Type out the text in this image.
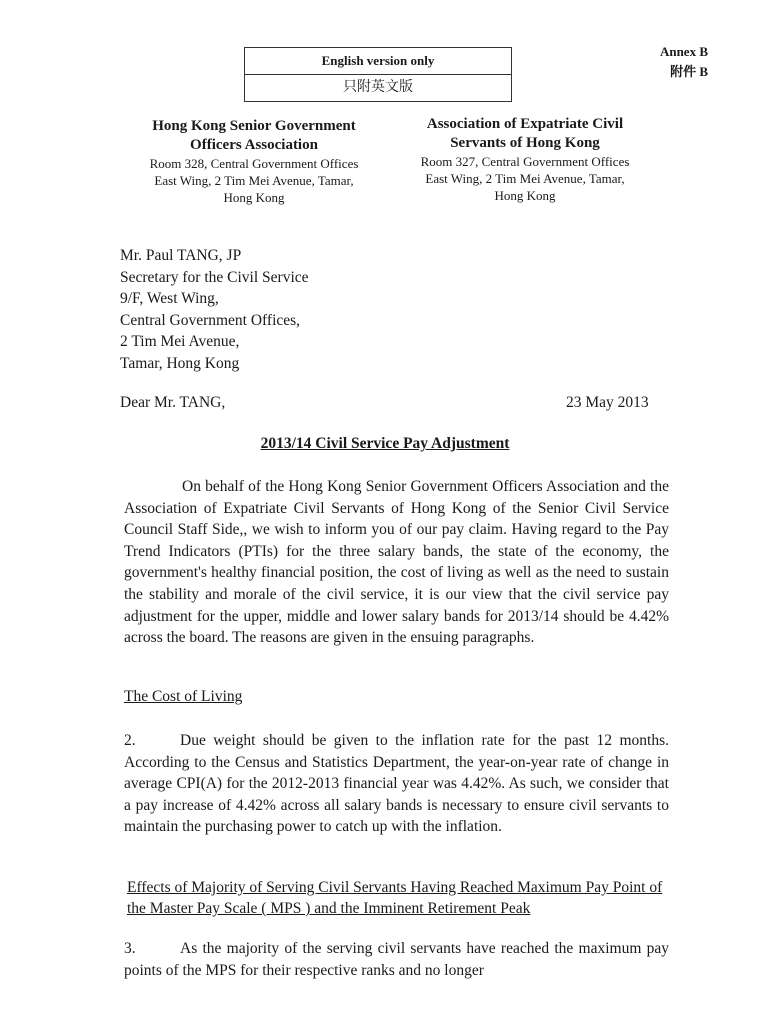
English version only
只附英文版
Annex B
附件 B
Hong Kong Senior Government
Officers Association
Room 328, Central Government Offices
East Wing, 2 Tim Mei Avenue, Tamar,
Hong Kong
Association of Expatriate Civil
Servants of Hong Kong
Room 327, Central Government Offices
East Wing, 2 Tim Mei Avenue, Tamar,
Hong Kong
Mr. Paul TANG, JP
Secretary for the Civil Service
9/F, West Wing,
Central Government Offices,
2 Tim Mei Avenue,
Tamar, Hong Kong
Dear Mr. TANG,	23 May 2013
2013/14 Civil Service Pay Adjustment
On behalf of the Hong Kong Senior Government Officers Association and the Association of Expatriate Civil Servants of Hong Kong of the Senior Civil Service Council Staff Side,, we wish to inform you of our pay claim. Having regard to the Pay Trend Indicators (PTIs) for the three salary bands, the state of the economy, the government's healthy financial position, the cost of living as well as the need to sustain the stability and morale of the civil service, it is our view that the civil service pay adjustment for the upper, middle and lower salary bands for 2013/14 should be 4.42% across the board. The reasons are given in the ensuing paragraphs.
The Cost of Living
2.	Due weight should be given to the inflation rate for the past 12 months. According to the Census and Statistics Department, the year-on-year rate of change in average CPI(A) for the 2012-2013 financial year was 4.42%. As such, we consider that a pay increase of 4.42% across all salary bands is necessary to ensure civil servants to maintain the purchasing power to catch up with the inflation.
Effects of Majority of Serving Civil Servants Having Reached Maximum Pay Point of the Master Pay Scale ( MPS ) and the Imminent Retirement Peak
3.	As the majority of the serving civil servants have reached the maximum pay points of the MPS for their respective ranks and no longer
